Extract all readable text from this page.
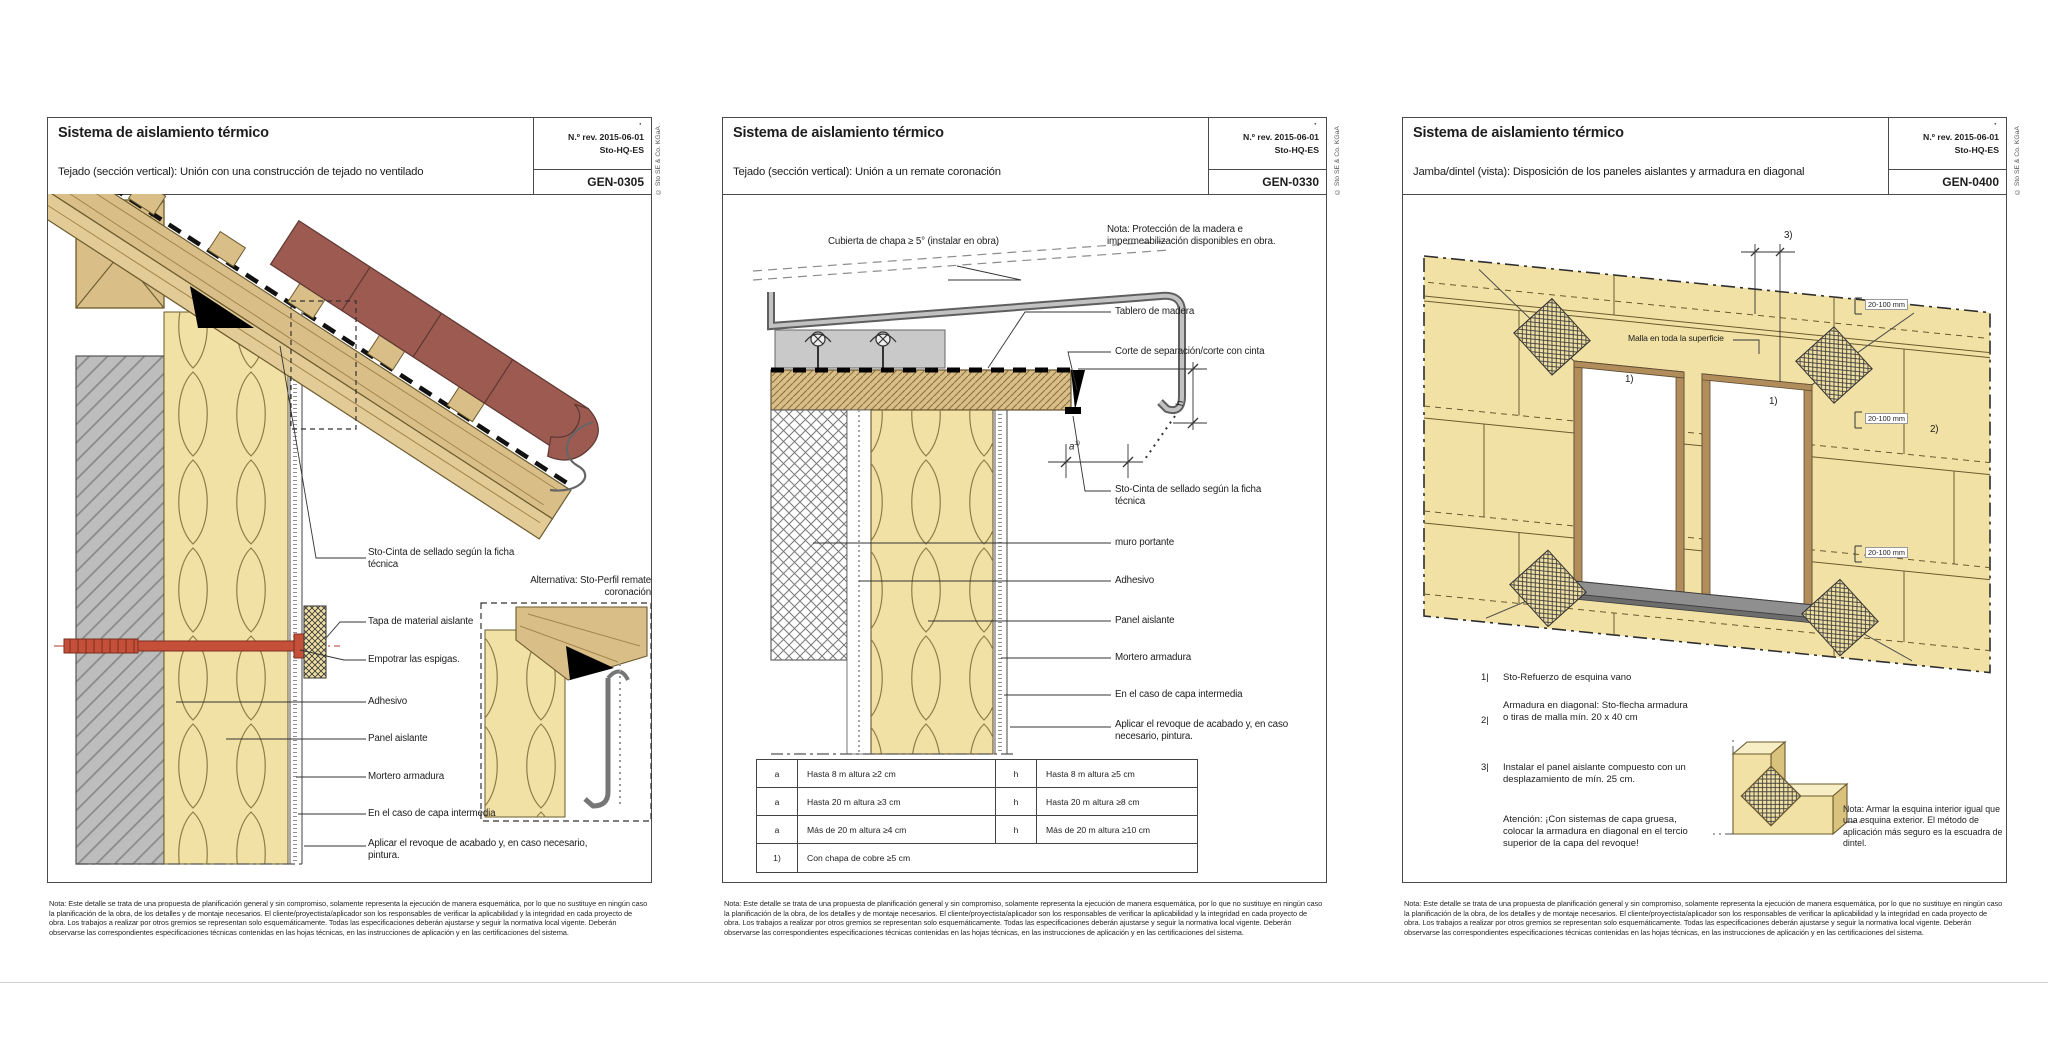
Sistema de aislamiento térmico
Tejado (sección vertical): Unión con una construcción de tejado no ventilado
·
N.º rev. 2015-06-01
Sto-HQ-ES
GEN-0305
Sto-Cinta de sellado según la ficha técnica
Alternativa: Sto-Perfil remate coronación
Tapa de material aislante
Empotrar las espigas.
Adhesivo
Panel aislante
Mortero armadura
En el caso de capa intermedia
Aplicar el revoque de acabado y, en caso necesario, pintura.
Nota: Este detalle se trata de una propuesta de planificación general y sin compromiso, solamente representa la ejecución de manera esquemática, por lo que no sustituye en ningún caso la planificación de la obra, de los detalles y de montaje necesarios. El cliente/proyectista/aplicador son los responsables de verificar la aplicabilidad y la integridad en cada proyecto de obra. Los trabajos a realizar por otros gremios se representan solo esquemáticamente. Todas las especificaciones deberán ajustarse y seguir la normativa local vigente. Deberán observarse las correspondientes especificaciones técnicas contenidas en las hojas técnicas, en las instrucciones de aplicación y en las certificaciones del sistema.
© Sto SE & Co. KGaA	Sistema de aislamiento térmico
Tejado (sección vertical): Unión a un remate coronación
·
N.º rev. 2015-06-01
Sto-HQ-ES
GEN-0330
Cubierta de chapa ≥ 5° (instalar en obra)
Nota: Protección de la madera e impermeabilización disponibles en obra.
Tablero de madera
Corte de separación/corte con cinta
Sto-Cinta de sellado según la ficha técnica
muro portante
Adhesivo
Panel aislante
Mortero armadura
En el caso de capa intermedia
Aplicar el revoque de acabado y, en caso necesario, pintura.
h
$a^{1)}$
a	Hasta 8 m altura ≥2 cm	h	Hasta 8 m altura ≥5 cm
a	Hasta 20 m altura ≥3 cm	h	Hasta 20 m altura ≥8 cm
a	Más de 20 m altura ≥4 cm	h	Más de 20 m altura ≥10 cm
1)	Con chapa de cobre ≥5 cm
Nota: Este detalle se trata de una propuesta de planificación general y sin compromiso, solamente representa la ejecución de manera esquemática, por lo que no sustituye en ningún caso la planificación de la obra, de los detalles y de montaje necesarios. El cliente/proyectista/aplicador son los responsables de verificar la aplicabilidad y la integridad en cada proyecto de obra. Los trabajos a realizar por otros gremios se representan solo esquemáticamente. Todas las especificaciones deberán ajustarse y seguir la normativa local vigente. Deberán observarse las correspondientes especificaciones técnicas contenidas en las hojas técnicas, en las instrucciones de aplicación y en las certificaciones del sistema.
© Sto SE & Co. KGaA	Sistema de aislamiento térmico
Jamba/dintel (vista): Disposición de los paneles aislantes y armadura en diagonal
·
N.º rev. 2015-06-01
Sto-HQ-ES
GEN-0400
3)
Malla en toda la superficie
1)
1)
2)
20-100 mm
20-100 mm
20-100 mm
1| Sto-Refuerzo de esquina vano
2|
Armadura en diagonal: Sto-flecha armadura o tiras de malla mín. 20 x 40 cm
3| Instalar el panel aislante compuesto con un desplazamiento de mín. 25 cm.
Atención: ¡Con sistemas de capa gruesa, colocar la armadura en diagonal en el tercio superior de la capa del revoque!
Nota: Armar la esquina interior igual que una esquina exterior. El método de aplicación más seguro es la escuadra de dintel.
Nota: Este detalle se trata de una propuesta de planificación general y sin compromiso, solamente representa la ejecución de manera esquemática, por lo que no sustituye en ningún caso la planificación de la obra, de los detalles y de montaje necesarios. El cliente/proyectista/aplicador son los responsables de verificar la aplicabilidad y la integridad en cada proyecto de obra. Los trabajos a realizar por otros gremios se representan solo esquemáticamente. Todas las especificaciones deberán ajustarse y seguir la normativa local vigente. Deberán observarse las correspondientes especificaciones técnicas contenidas en las hojas técnicas, en las instrucciones de aplicación y en las certificaciones del sistema.
© Sto SE & Co. KGaA
